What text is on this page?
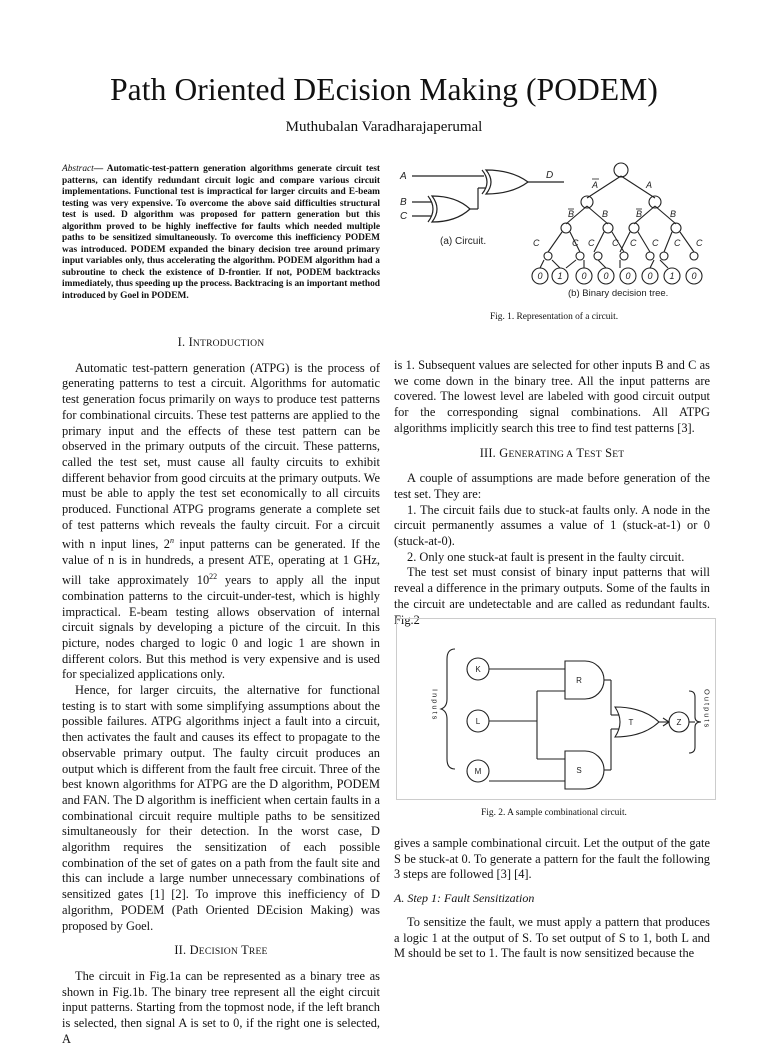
Path Oriented DEcision Making (PODEM)
Muthubalan Varadharajaperumal
Abstract— Automatic-test-pattern generation algorithms generate circuit test patterns, can identify redundant circuit logic and compare various circuit implementations. Functional test is impractical for larger circuits and E-beam testing was very expensive. To overcome the above said difficulties structural test is used. D algorithm was proposed for pattern generation but this algorithm proved to be highly ineffective for faults which needed multiple paths to be sensitized simultaneously. To overcome this inefficiency PODEM was introduced. PODEM expanded the binary decision tree around primary input variables only, thus accelerating the algorithm. PODEM algorithm had a subroutine to check the existence of D-frontier. If not, PODEM backtracks immediately, thus speeding up the process. Backtracing is an important method introduced by Goel in PODEM.
I. INTRODUCTION

Automatic test-pattern generation (ATPG) is the process of generating patterns to test a circuit. Algorithms for automatic test generation focus primarily on ways to produce test patterns for combinational circuits. These test patterns are applied to the primary input and the effects of these test pattern can be observed in the primary outputs of the circuit. These patterns, called the test set, must cause all faulty circuits to exhibit different behavior from good circuits at the primary outputs. We must be able to apply the test set economically to all circuits produced. Functional ATPG programs generate a complete set of test patterns which reveals the faulty circuit. For a circuit with n input lines, 2$^n$ input patterns can be generated. If the value of n is in hundreds, a present ATE, operating at 1 GHz, will take approximately $10^{22}$ years to apply all the input combination patterns to the circuit-under-test, which is highly impractical. E-beam testing allows observation of internal circuit signals by developing a picture of the circuit. In this picture, nodes charged to logic 0 and logic 1 are shown in different colors. But this method is very expensive and is used for specialized applications only.

Hence, for larger circuits, the alternative for functional testing is to start with some simplifying assumptions about the possible failures. ATPG algorithms inject a fault into a circuit, then activates the fault and causes its effect to propagate to the observable primary output. The faulty circuit produces an output which is different from the fault free circuit. Three of the best known algorithms for ATPG are the D algorithm, PODEM and FAN. The D algorithm is inefficient when certain faults in a combinational circuit require multiple paths to be sensitized simultaneously for their detection. In the worst case, D algorithm requires the sensitization of each possible combination of the set of gates on a path from the fault site and this can include a large number unnecessary combinations of sensitized gates [1] [2]. To improve this inefficiency of D algorithm, PODEM (Path Oriented DEcision Making) was proposed by Goel.

II. DECISION TREE

The circuit in Fig.1a can be represented as a binary tree as shown in Fig.1b. The binary tree represent all the eight circuit input patterns. Starting from the topmost node, if the left branch is selected, then signal A is set to 0, if the right one is selected, A

A
B
C
D
(a) Circuit.
A	A
B	B	B	B
C	C C C C C C C
0 1 0 0 0 0 1 0
(b) Binary decision tree.
Fig. 1. Representation of a circuit.

is 1. Subsequent values are selected for other inputs B and C as we come down in the binary tree. All the input patterns are covered. The lowest level are labeled with good circuit output for the corresponding signal combinations. All ATPG algorithms implicitly search this tree to find test patterns [3].

III. GENERATING A TEST SET

A couple of assumptions are made before generation of the test set. They are:

1. The circuit fails due to stuck-at faults only. A node in the circuit permanently assumes a value of 1 (stuck-at-1) or 0 (stuck-at-0).

2. Only one stuck-at fault is present in the faulty circuit.

The test set must consist of binary input patterns that will reveal a difference in the primary outputs. Some of the faults in the circuit are undetectable and are called as redundant faults. Fig.2

K
L
M
R
S
T	Z
Inputs	Outputs
Fig. 2. A sample combinational circuit.

gives a sample combinational circuit. Let the output of the gate S be stuck-at 0. To generate a pattern for the fault the following 3 steps are followed [3] [4].

A. Step 1: Fault Sensitization

To sensitize the fault, we must apply a pattern that produces a logic 1 at the output of S. To set output of S to 1, both L and M should be set to 1. The fault is now sensitized because the
